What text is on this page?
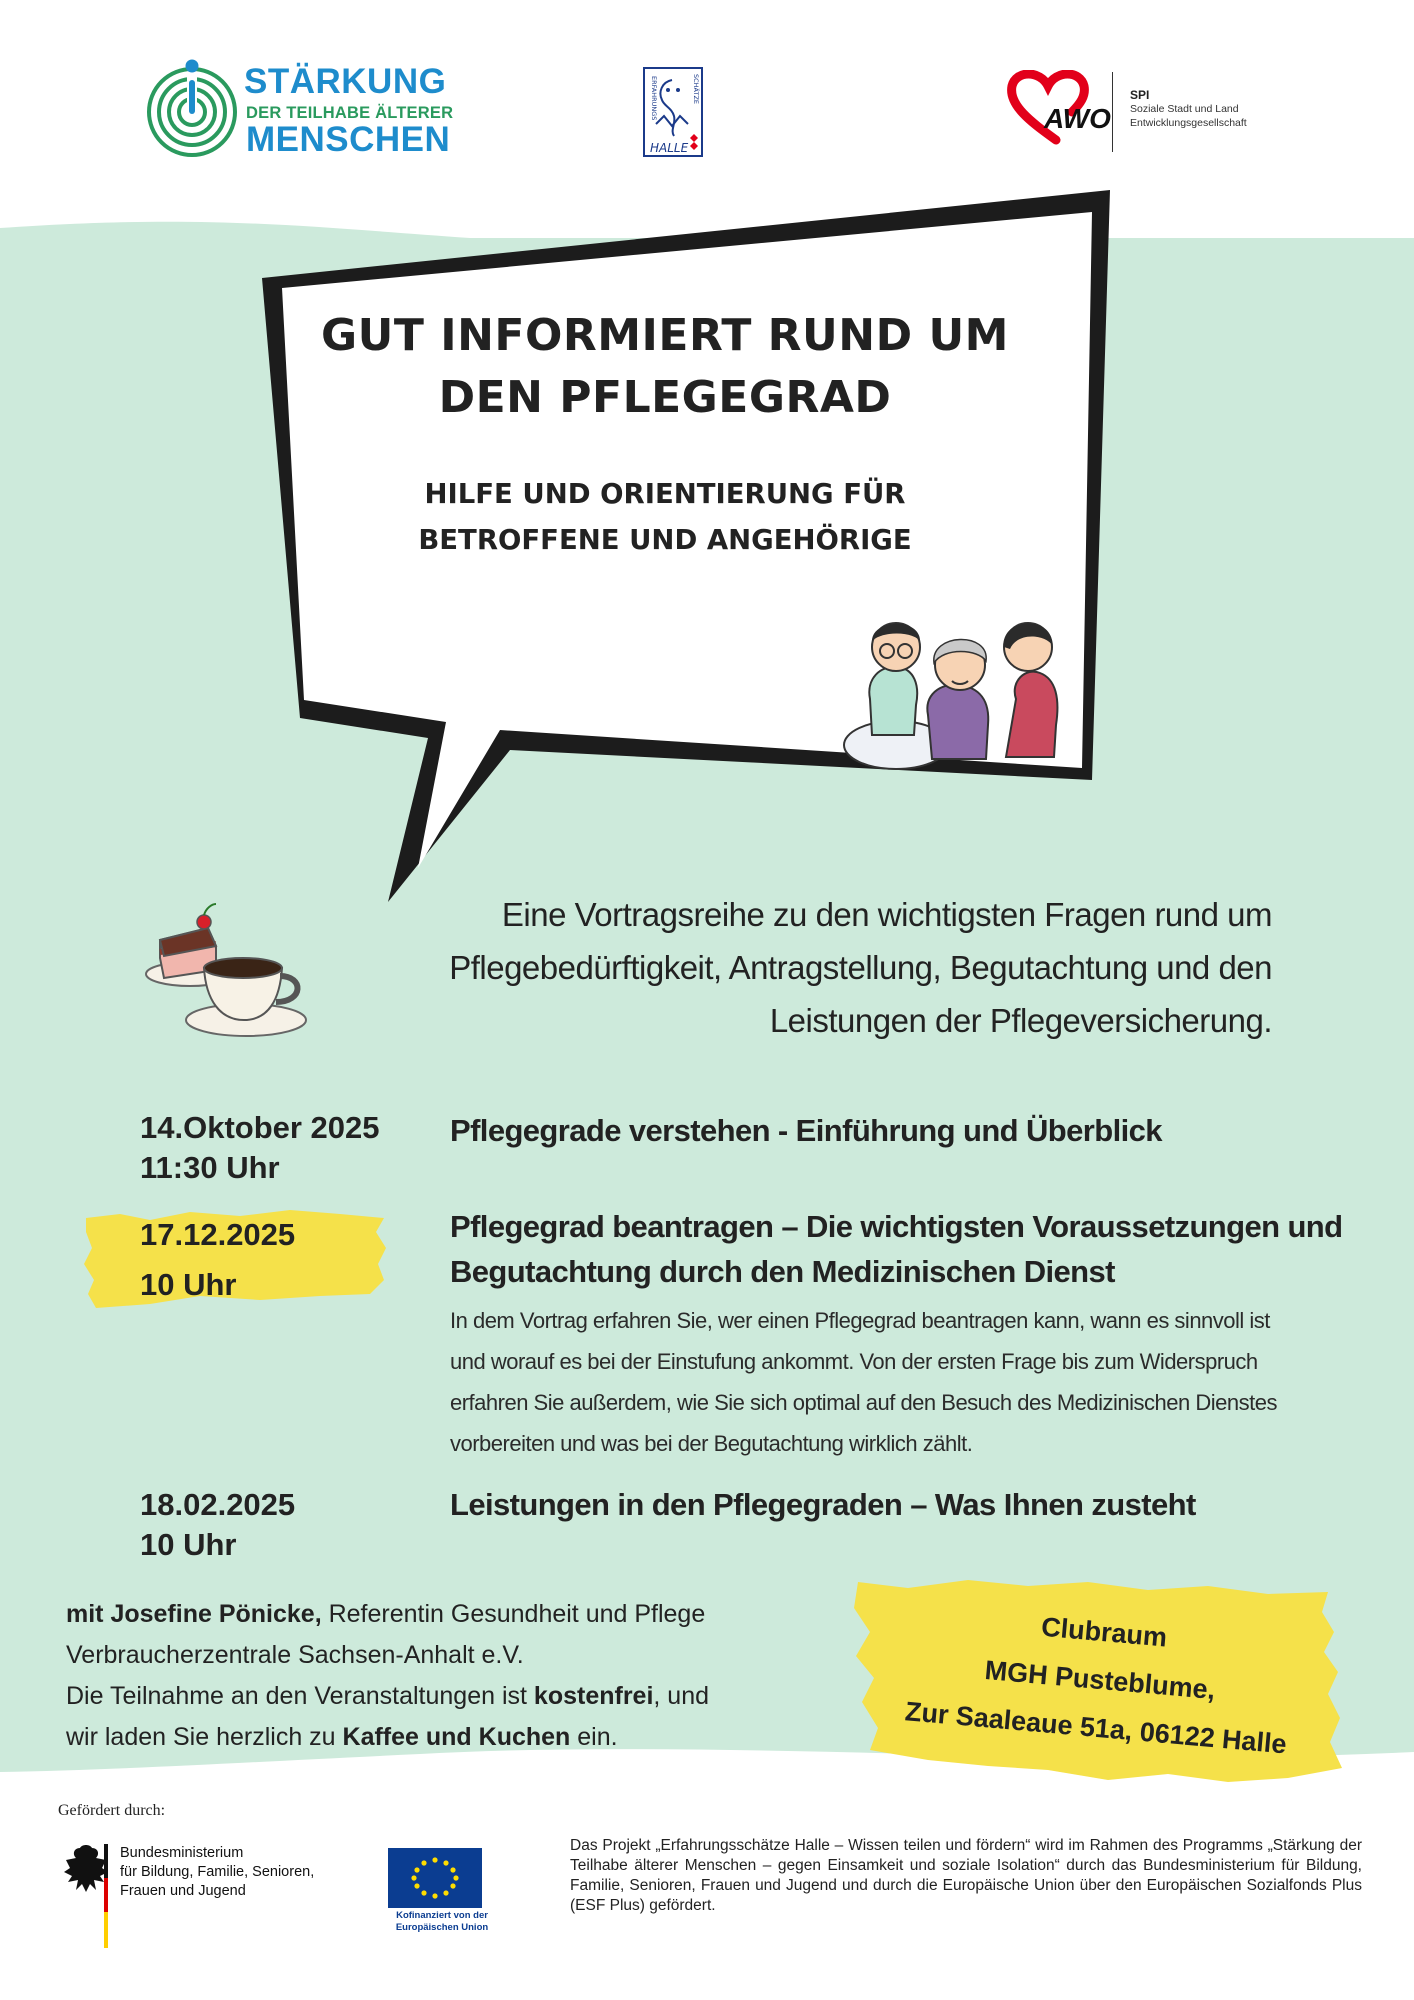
STÄRKUNG
DER TEILHABE ÄLTERER
MENSCHEN
ERFAHRUNGS	SCHÄTZE
HALLE
AWO
SPI
Soziale Stadt und Land
Entwicklungsgesellschaft
GUT INFORMIERT RUND UM
DEN PFLEGEGRAD
HILFE UND ORIENTIERUNG FÜR
BETROFFENE UND ANGEHÖRIGE
Eine Vortragsreihe zu den wichtigsten Fragen rund um
Pflegebedürftigkeit, Antragstellung, Begutachtung und den
Leistungen der Pflegeversicherung.
14.Oktober 2025
11:30 Uhr
Pflegegrade verstehen - Einführung und Überblick
17.12.2025
10 Uhr
Pflegegrad beantragen – Die wichtigsten Voraussetzungen und
Begutachtung durch den Medizinischen Dienst
In dem Vortrag erfahren Sie, wer einen Pflegegrad beantragen kann, wann es sinnvoll ist
und worauf es bei der Einstufung ankommt. Von der ersten Frage bis zum Widerspruch
erfahren Sie außerdem, wie Sie sich optimal auf den Besuch des Medizinischen Dienstes
vorbereiten und was bei der Begutachtung wirklich zählt.
18.02.2025
10 Uhr
Leistungen in den Pflegegraden – Was Ihnen zusteht
mit Josefine Pönicke, Referentin Gesundheit und Pflege
Verbraucherzentrale Sachsen-Anhalt e.V.
Die Teilnahme an den Veranstaltungen ist kostenfrei, und
wir laden Sie herzlich zu Kaffee und Kuchen ein.
Clubraum
MGH Pusteblume,
Zur Saaleaue 51a, 06122 Halle
Gefördert durch:
Bundesministerium
für Bildung, Familie, Senioren,
Frauen und Jugend
Kofinanziert von der
Europäischen Union
Das Projekt „Erfahrungsschätze Halle – Wissen teilen und fördern“ wird im Rahmen des Programms „Stärkung der Teilhabe älterer Menschen – gegen Einsamkeit und soziale Isolation“ durch das Bundesministerium für Bildung, Familie, Senioren, Frauen und Jugend und durch die Europäische Union über den Europäischen Sozialfonds Plus (ESF Plus) gefördert.
